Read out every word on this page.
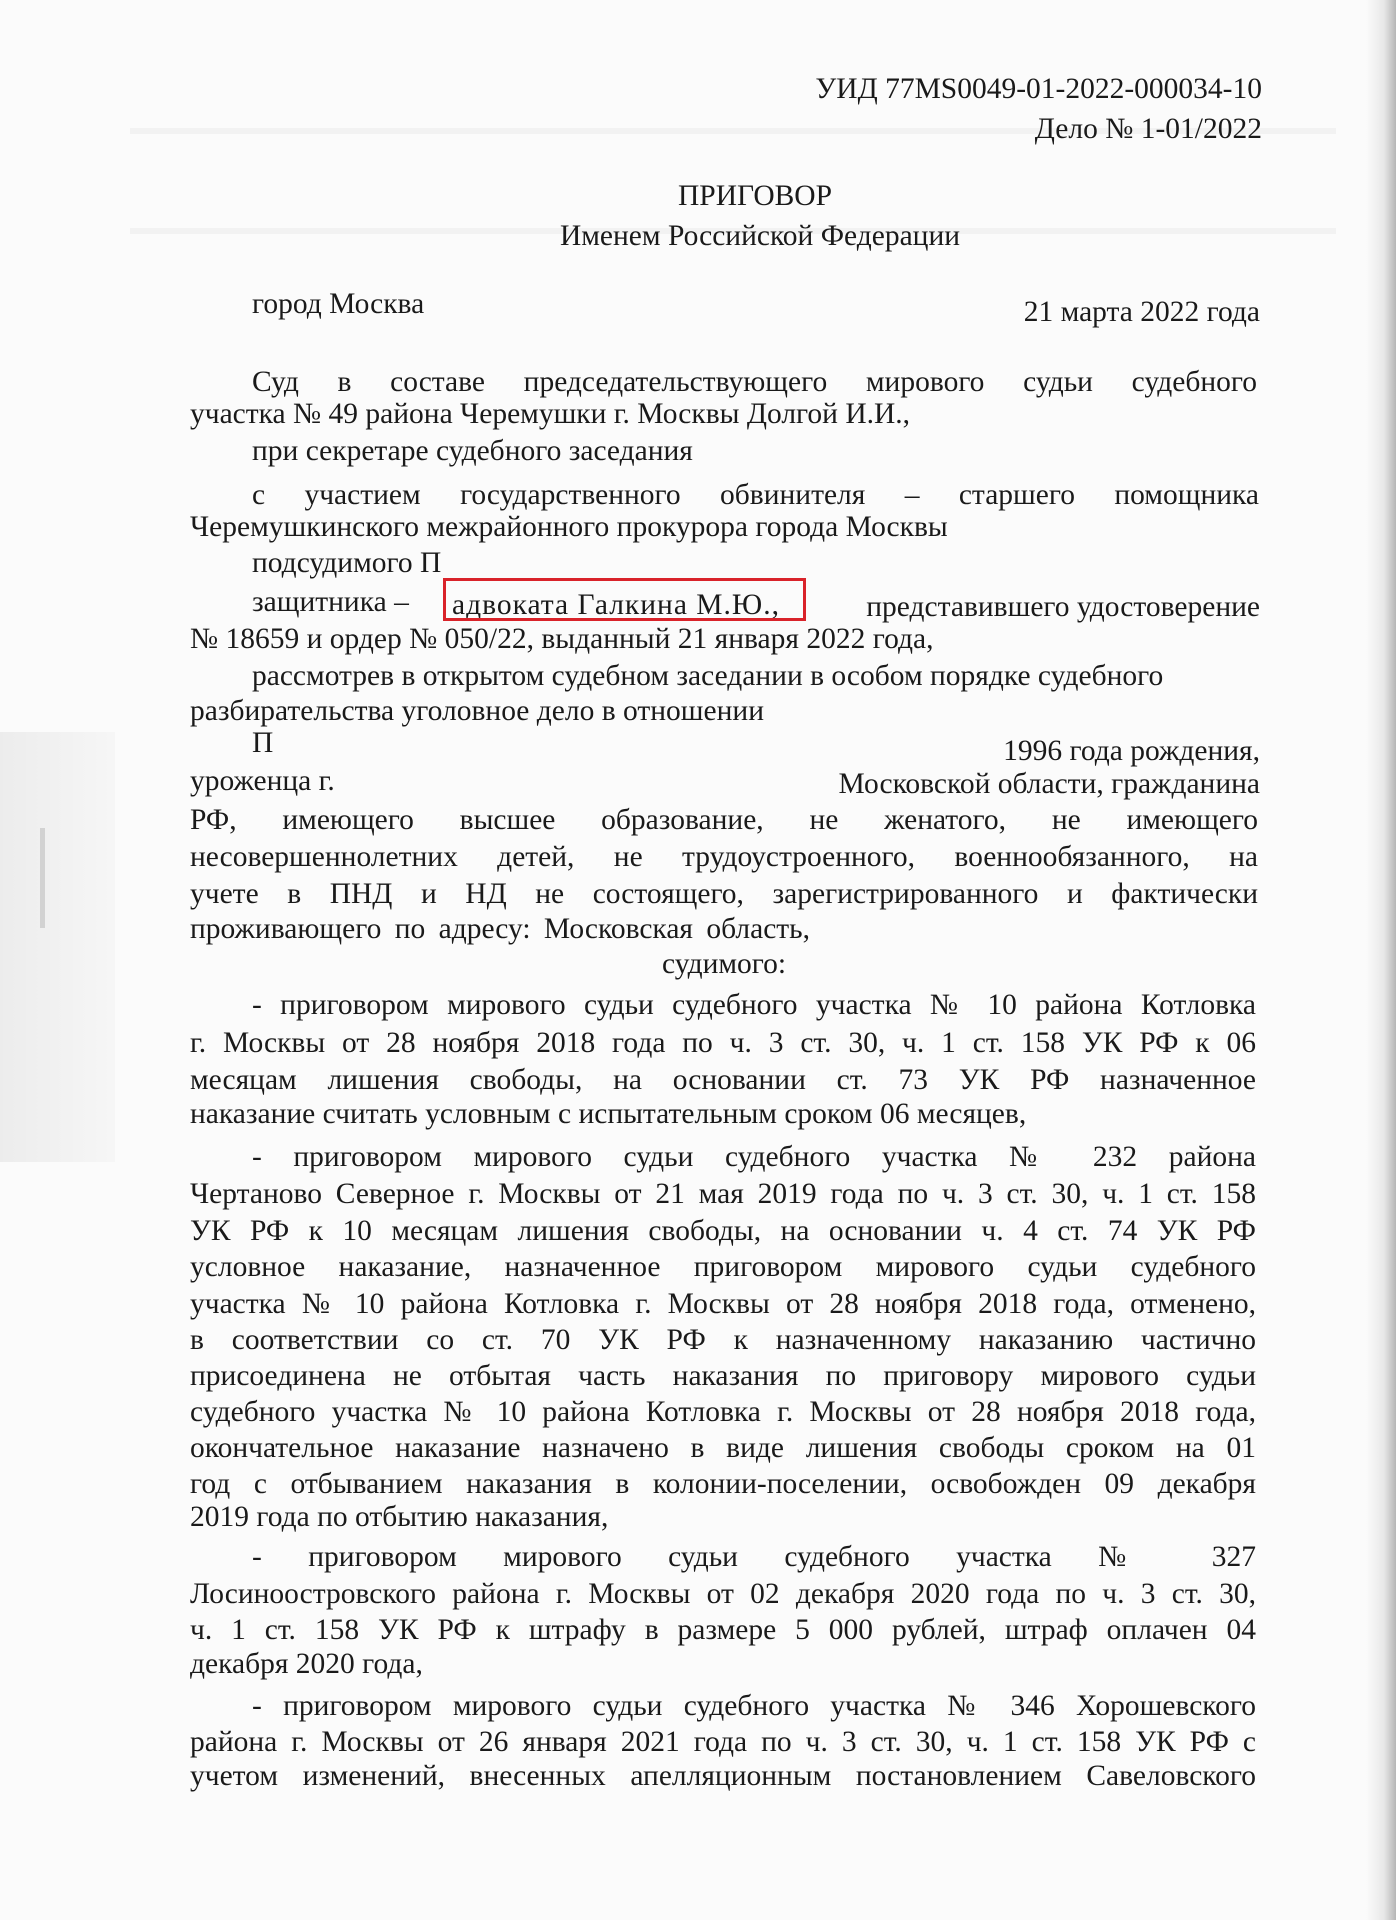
УИД 77MS0049-01-2022-000034-10
Дело № 1-01/2022
ПРИГОВОР
Именем Российской Федерации
город Москва	21 марта 2022 года
Суд в составе председательствующего мирового судьи судебного
участка № 49 района Черемушки г. Москвы Долгой И.И.,
при секретаре судебного заседания
с участием государственного обвинителя – старшего помощника
Черемушкинского межрайонного прокурора города Москвы
подсудимого П
защитника – адвоката Галкина М.Ю.,	представившего удостоверение
№ 18659 и ордер № 050/22, выданный 21 января 2022 года,
рассмотрев в открытом судебном заседании в особом порядке судебного
разбирательства уголовное дело в отношении
П	1996 года рождения,
уроженца г.	Московской области, гражданина
РФ, имеющего высшее образование, не женатого, не имеющего
несовершеннолетних детей, не трудоустроенного, военнообязанного, на
учете в ПНД и НД не состоящего, зарегистрированного и фактически
проживающего по адресу: Московская область,
судимого:
- приговором мирового судьи судебного участка № 10 района Котловка
г. Москвы от 28 ноября 2018 года по ч. 3 ст. 30, ч. 1 ст. 158 УК РФ к 06
месяцам лишения свободы, на основании ст. 73 УК РФ назначенное
наказание считать условным с испытательным сроком 06 месяцев,
- приговором мирового судьи судебного участка № 232 района
Чертаново Северное г. Москвы от 21 мая 2019 года по ч. 3 ст. 30, ч. 1 ст. 158
УК РФ к 10 месяцам лишения свободы, на основании ч. 4 ст. 74 УК РФ
условное наказание, назначенное приговором мирового судьи судебного
участка № 10 района Котловка г. Москвы от 28 ноября 2018 года, отменено,
в соответствии со ст. 70 УК РФ к назначенному наказанию частично
присоединена не отбытая часть наказания по приговору мирового судьи
судебного участка № 10 района Котловка г. Москвы от 28 ноября 2018 года,
окончательное наказание назначено в виде лишения свободы сроком на 01
год с отбыванием наказания в колонии-поселении, освобожден 09 декабря
2019 года по отбытию наказания,
- приговором мирового судьи судебного участка № 327
Лосиноостровского района г. Москвы от 02 декабря 2020 года по ч. 3 ст. 30,
ч. 1 ст. 158 УК РФ к штрафу в размере 5 000 рублей, штраф оплачен 04
декабря 2020 года,
- приговором мирового судьи судебного участка № 346 Хорошевского
района г. Москвы от 26 января 2021 года по ч. 3 ст. 30, ч. 1 ст. 158 УК РФ с
учетом изменений, внесенных апелляционным постановлением Савеловского
